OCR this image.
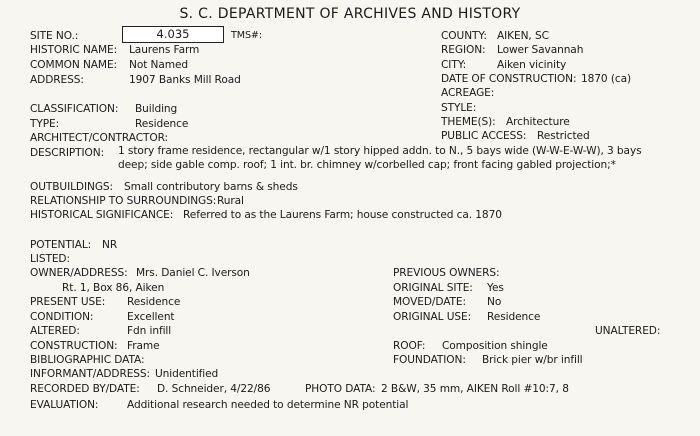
S. C. DEPARTMENT OF ARCHIVES AND HISTORY
SITE NO.:	4.035	TMS#:
HISTORIC NAME: Laurens Farm
COMMON NAME: Not Named
ADDRESS:	1907 Banks Mill Road
COUNTY: AIKEN, SC
REGION: Lower Savannah
CITY:	Aiken vicinity
DATE OF CONSTRUCTION: 1870 (ca)
ACREAGE:
STYLE:
THEME(S): Architecture
PUBLIC ACCESS: Restricted
CLASSIFICATION: Building
TYPE:	Residence
ARCHITECT/CONTRACTOR:
DESCRIPTION: 1 story frame residence, rectangular w/1 story hipped addn. to N., 5 bays wide (W-W-E-W-W), 3 bays
deep; side gable comp. roof; 1 int. br. chimney w/corbelled cap; front facing gabled projection;*
OUTBUILDINGS: Small contributory barns & sheds
RELATIONSHIP TO SURROUNDINGS: Rural
HISTORICAL SIGNIFICANCE: Referred to as the Laurens Farm; house constructed ca. 1870
POTENTIAL: NR
LISTED:
OWNER/ADDRESS: Mrs. Daniel C. Iverson
Rt. 1, Box 86, Aiken
PRESENT USE: Residence
CONDITION:	Excellent
ALTERED:	Fdn infill
CONSTRUCTION: Frame
BIBLIOGRAPHIC DATA:
INFORMANT/ADDRESS: Unidentified
PREVIOUS OWNERS:
ORIGINAL SITE: Yes
MOVED/DATE: No
ORIGINAL USE: Residence
UNALTERED:
ROOF: Composition shingle
FOUNDATION: Brick pier w/br infill
RECORDED BY/DATE: D. Schneider, 4/22/86	PHOTO DATA: 2 B&W, 35 mm, AIKEN Roll #10:7, 8
EVALUATION:	Additional research needed to determine NR potential
